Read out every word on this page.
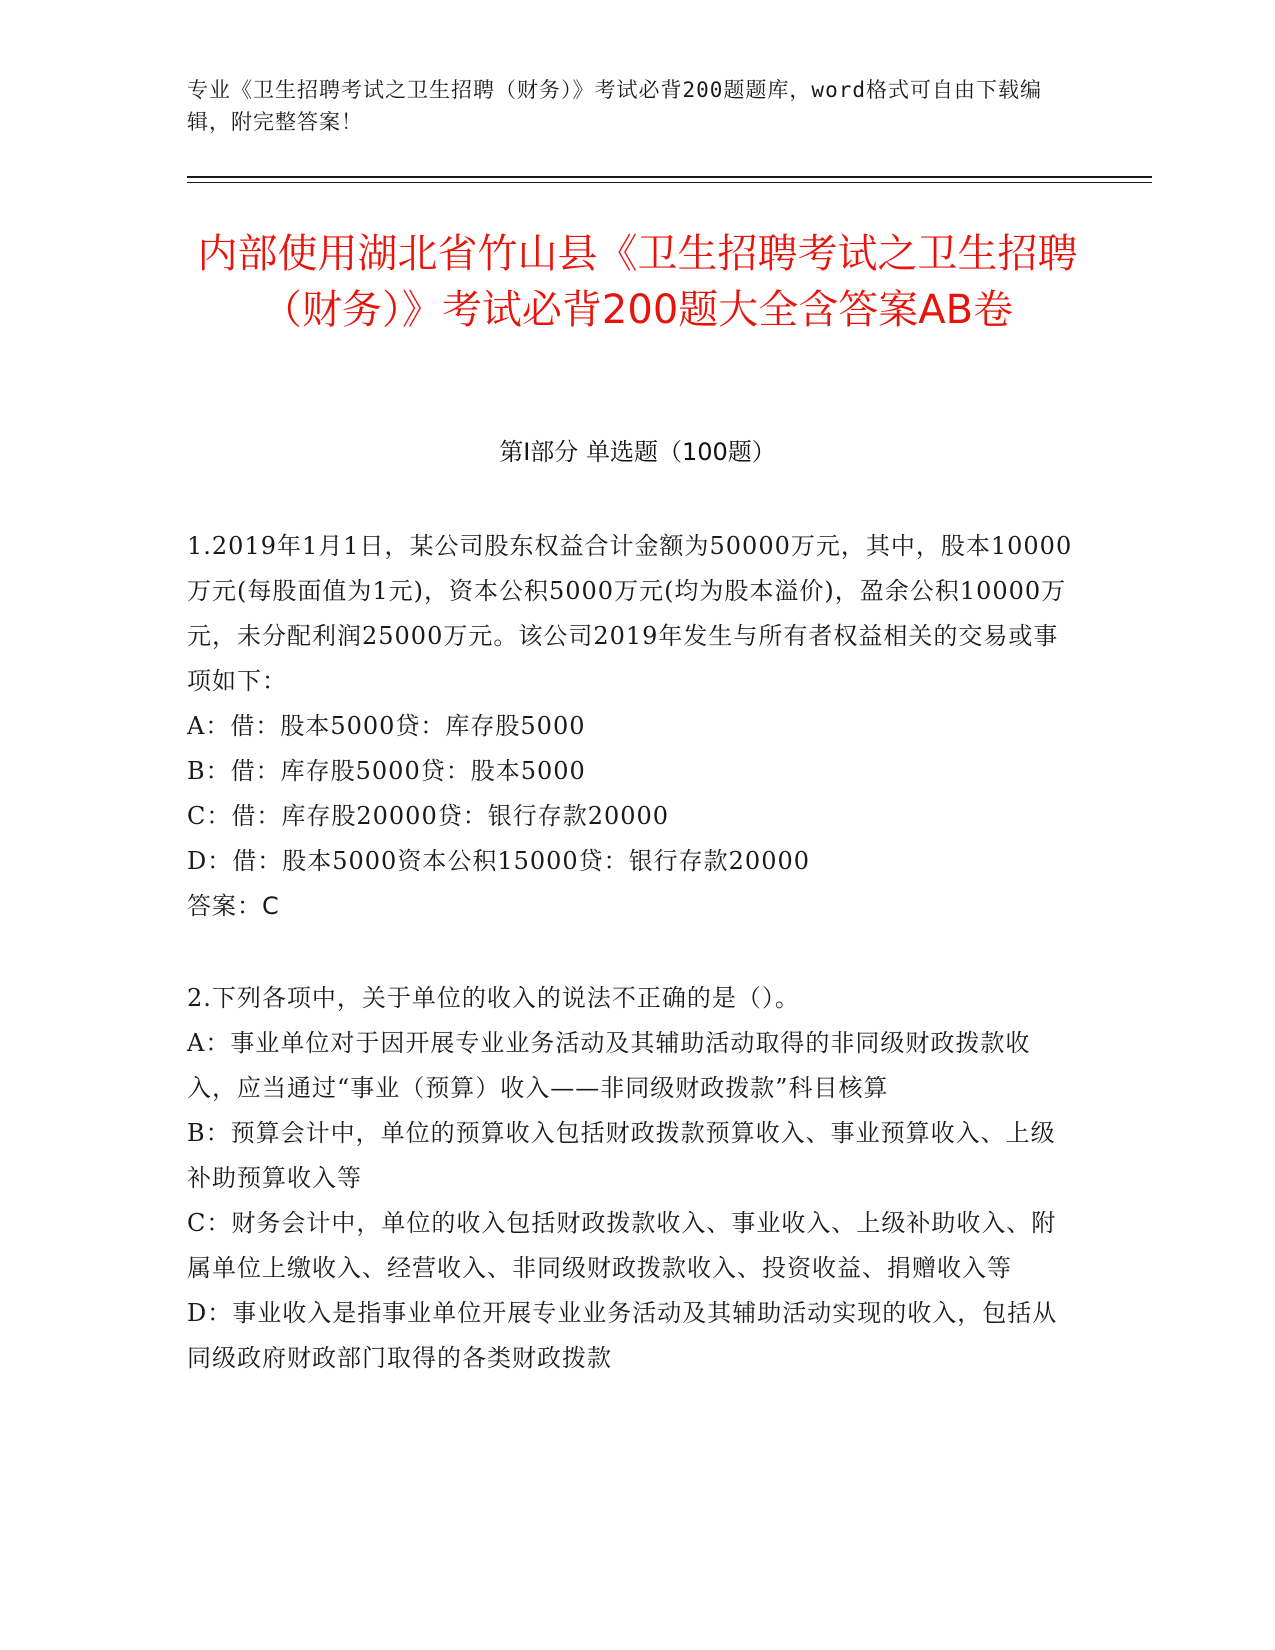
专业《卫生招聘考试之卫生招聘（财务）》考试必背200题题库，word格式可自由下载编辑，附完整答案！
内部使用湖北省竹山县《卫生招聘考试之卫生招聘（财务）》考试必背200题大全含答案AB卷
第Ⅰ部分 单选题（100题）

1.2019年1月1日，某公司股东权益合计金额为50000万元，其中，股本10000万元(每股面值为1元)，资本公积5000万元(均为股本溢价)，盈余公积10000万元，未分配利润25000万元。该公司2019年发生与所有者权益相关的交易或事项如下：

A：借：股本5000贷：库存股5000

B：借：库存股5000贷：股本5000

C：借：库存股20000贷：银行存款20000

D：借：股本5000资本公积15000贷：银行存款20000

答案：C

2.下列各项中，关于单位的收入的说法不正确的是（）。

A：事业单位对于因开展专业业务活动及其辅助活动取得的非同级财政拨款收入，应当通过“事业（预算）收入——非同级财政拨款”科目核算

B：预算会计中，单位的预算收入包括财政拨款预算收入、事业预算收入、上级补助预算收入等

C：财务会计中，单位的收入包括财政拨款收入、事业收入、上级补助收入、附属单位上缴收入、经营收入、非同级财政拨款收入、投资收益、捐赠收入等

D：事业收入是指事业单位开展专业业务活动及其辅助活动实现的收入，包括从同级政府财政部门取得的各类财政拨款
